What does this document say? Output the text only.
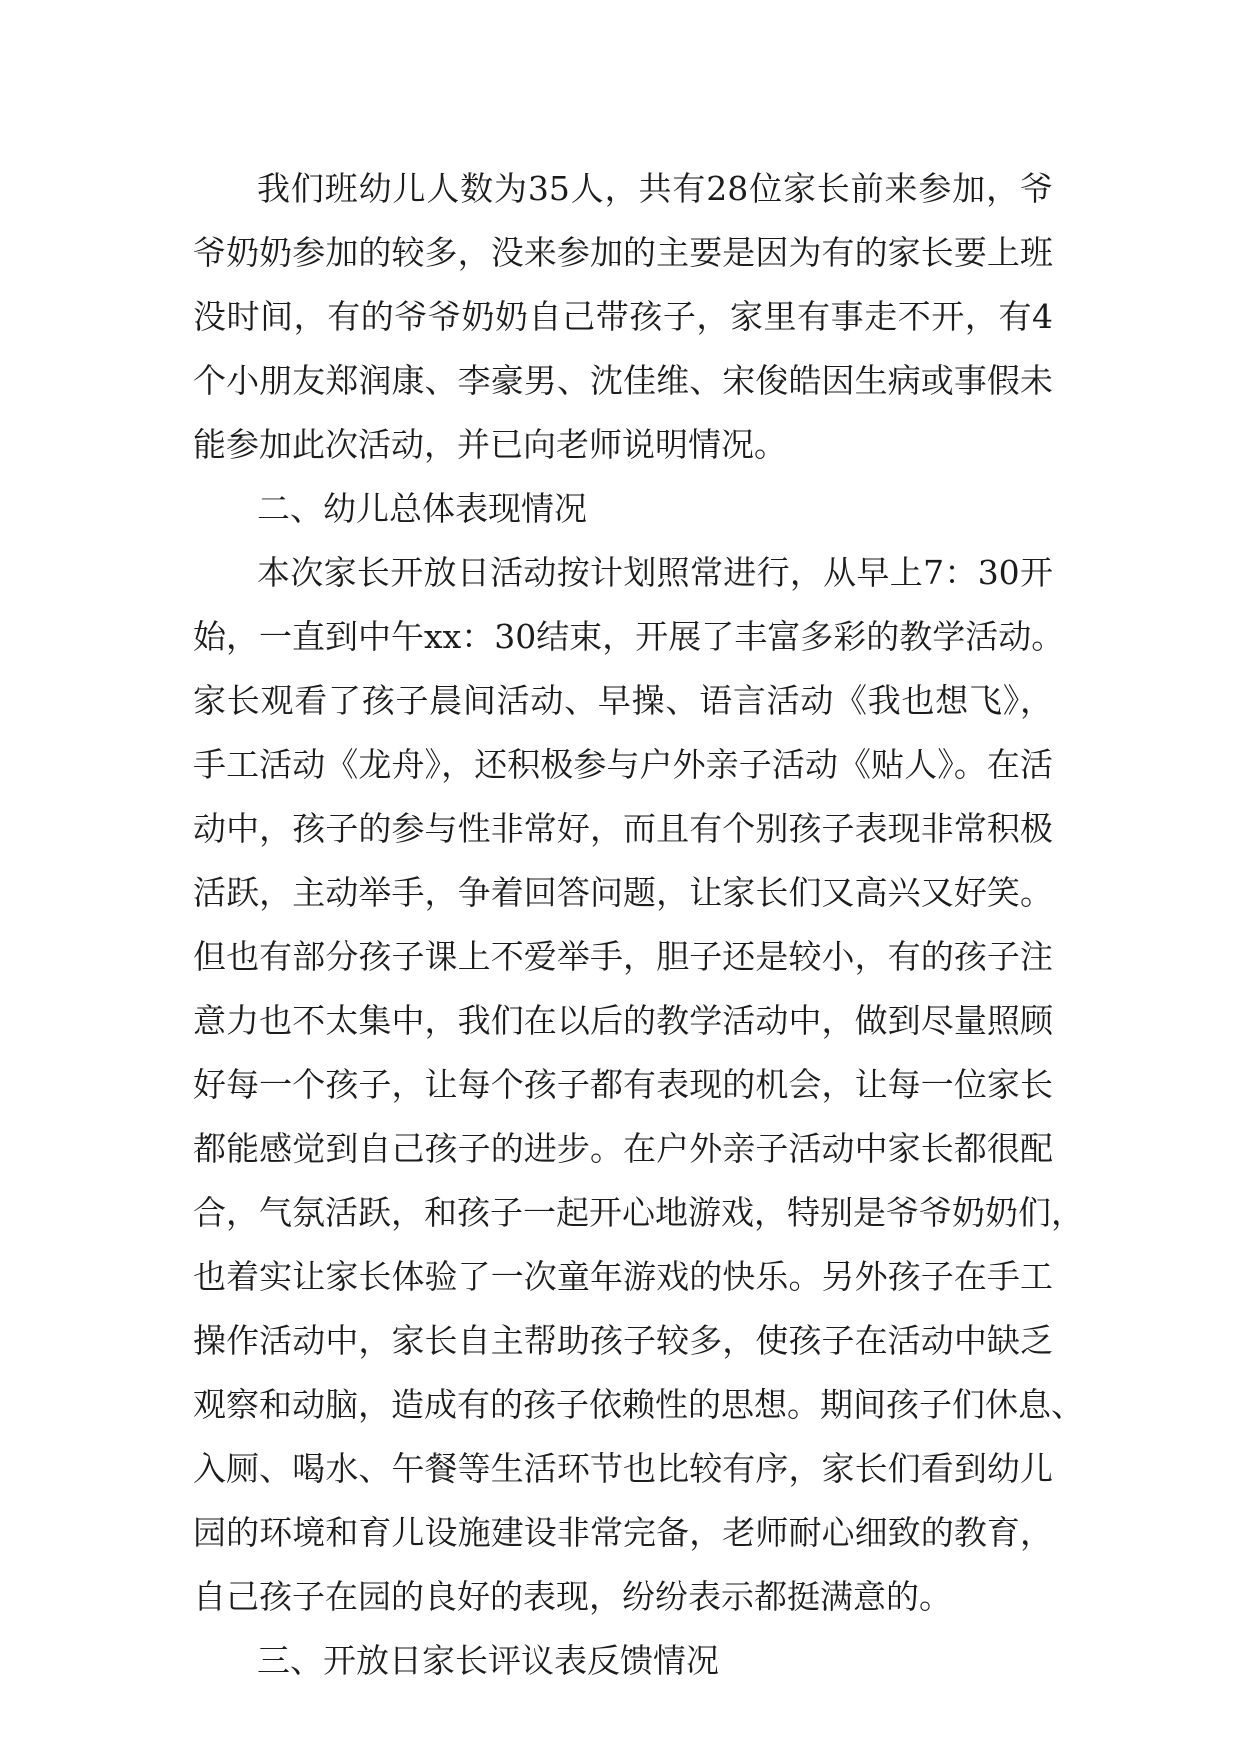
我们班幼儿人数为35人，共有28位家长前来参加，爷
爷奶奶参加的较多，没来参加的主要是因为有的家长要上班
没时间，有的爷爷奶奶自己带孩子，家里有事走不开，有4
个小朋友郑润康、李豪男、沈佳维、宋俊皓因生病或事假未
能参加此次活动，并已向老师说明情况。
二、幼儿总体表现情况
本次家长开放日活动按计划照常进行，从早上7：30开
始，一直到中午xx：30结束，开展了丰富多彩的教学活动。
家长观看了孩子晨间活动、早操、语言活动《我也想飞》，
手工活动《龙舟》，还积极参与户外亲子活动《贴人》。在活
动中，孩子的参与性非常好，而且有个别孩子表现非常积极
活跃，主动举手，争着回答问题，让家长们又高兴又好笑。
但也有部分孩子课上不爱举手，胆子还是较小，有的孩子注
意力也不太集中，我们在以后的教学活动中，做到尽量照顾
好每一个孩子，让每个孩子都有表现的机会，让每一位家长
都能感觉到自己孩子的进步。在户外亲子活动中家长都很配
合，气氛活跃，和孩子一起开心地游戏，特别是爷爷奶奶们，
也着实让家长体验了一次童年游戏的快乐。另外孩子在手工
操作活动中，家长自主帮助孩子较多，使孩子在活动中缺乏
观察和动脑，造成有的孩子依赖性的思想。期间孩子们休息、
入厕、喝水、午餐等生活环节也比较有序，家长们看到幼儿
园的环境和育儿设施建设非常完备，老师耐心细致的教育，
自己孩子在园的良好的表现，纷纷表示都挺满意的。
三、开放日家长评议表反馈情况
